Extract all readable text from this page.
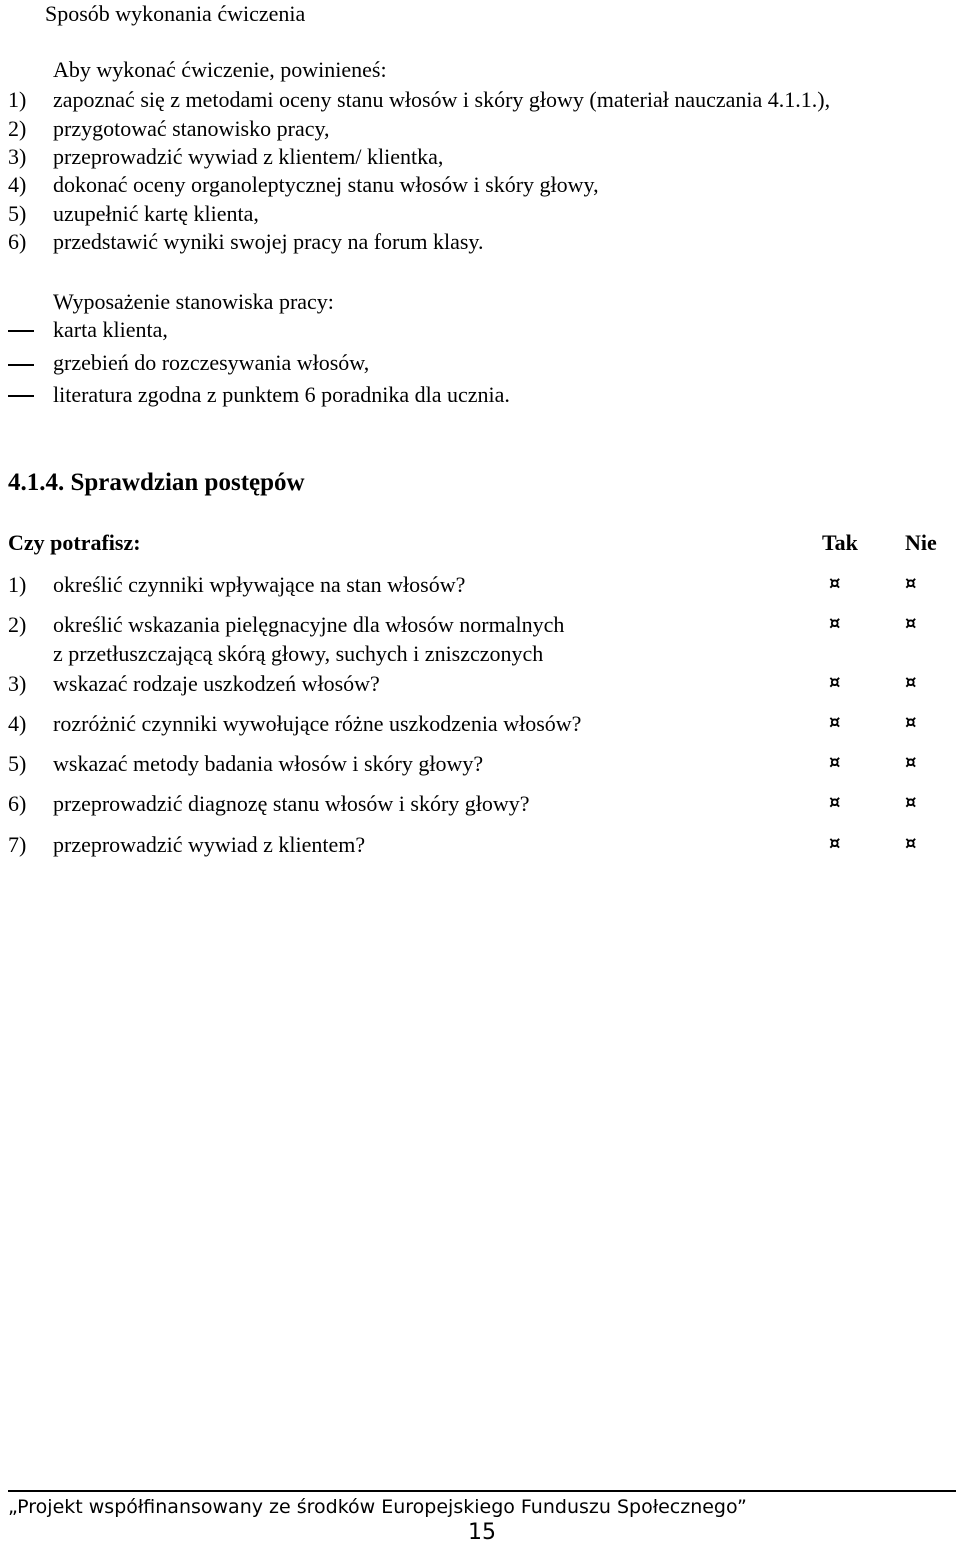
Sposób wykonania ćwiczenia
Aby wykonać ćwiczenie, powinieneś:
1) zapoznać się z metodami oceny stanu włosów i skóry głowy (materiał nauczania 4.1.1.),
2) przygotować stanowisko pracy,
3) przeprowadzić wywiad z klientem/ klientka,
4) dokonać oceny organoleptycznej stanu włosów i skóry głowy,
5) uzupełnić kartę klienta,
6) przedstawić wyniki swojej pracy na forum klasy.
Wyposażenie stanowiska pracy:
karta klienta,
grzebień do rozczesywania włosów,
literatura zgodna z punktem 6 poradnika dla ucznia.
4.1.4. Sprawdzian postępów
Czy potrafisz:	Tak Nie
1) określić czynniki wpływające na stan włosów?	¤	¤
2) określić wskazania pielęgnacyjne dla włosów normalnych
z przetłuszczającą skórą głowy, suchych i zniszczonych
¤	¤
3) wskazać rodzaje uszkodzeń włosów?	¤	¤
4) rozróżnić czynniki wywołujące różne uszkodzenia włosów?	¤	¤
5) wskazać metody badania włosów i skóry głowy?	¤	¤
6) przeprowadzić diagnozę stanu włosów i skóry głowy?	¤	¤
7) przeprowadzić wywiad z klientem?	¤	¤
„Projekt współfinansowany ze środków Europejskiego Funduszu Społecznego”
15
